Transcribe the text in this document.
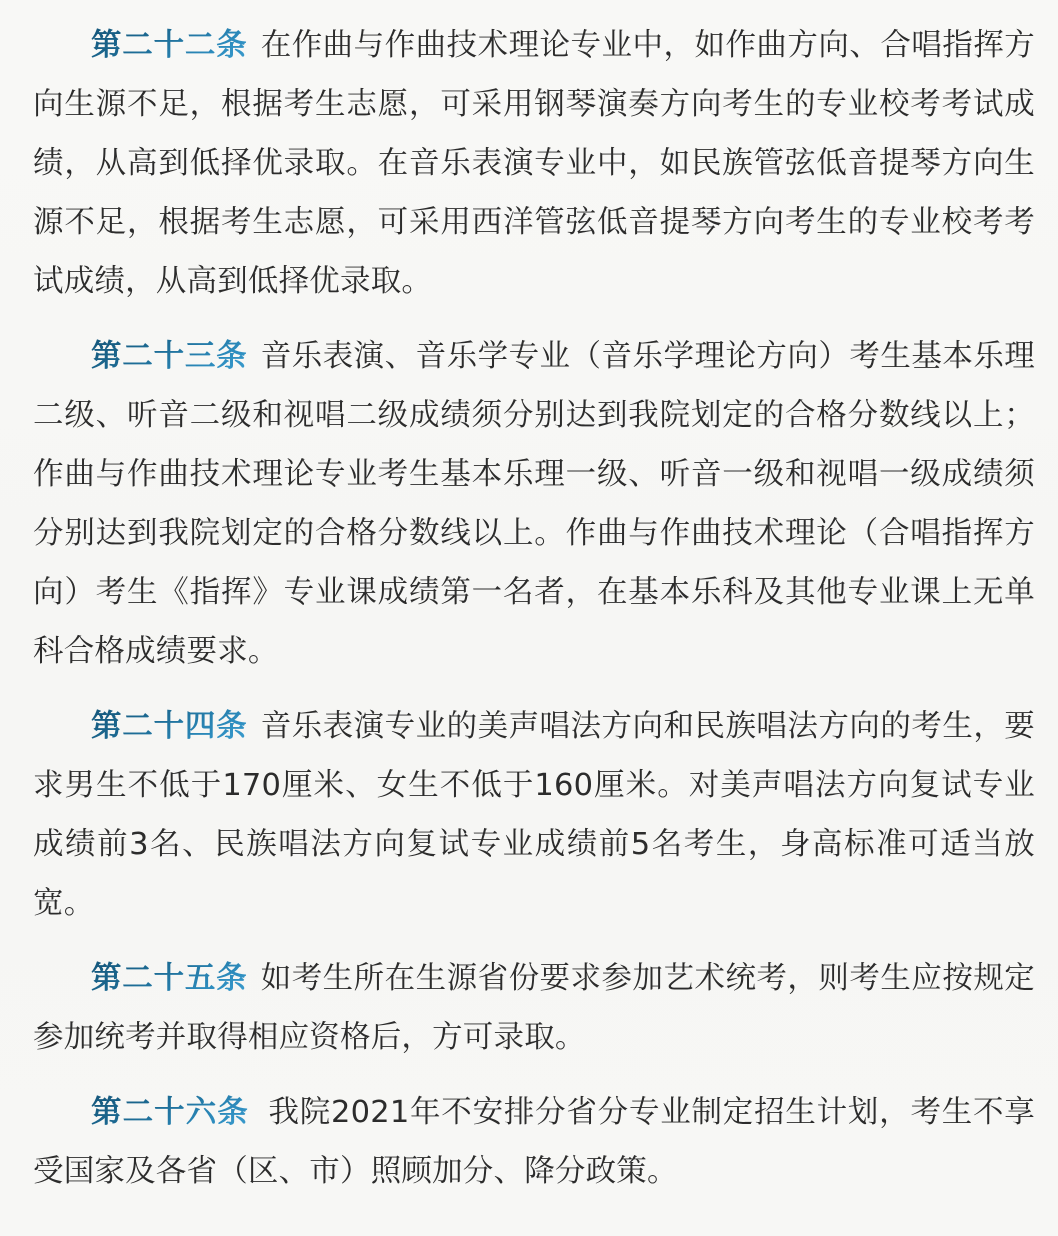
第二十二条 在作曲与作曲技术理论专业中，如作曲方向、合唱指挥方向生源不足，根据考生志愿，可采用钢琴演奏方向考生的专业校考考试成绩，从高到低择优录取。在音乐表演专业中，如民族管弦低音提琴方向生源不足，根据考生志愿，可采用西洋管弦低音提琴方向考生的专业校考考试成绩，从高到低择优录取。

第二十三条 音乐表演、音乐学专业（音乐学理论方向）考生基本乐理二级、听音二级和视唱二级成绩须分别达到我院划定的合格分数线以上；作曲与作曲技术理论专业考生基本乐理一级、听音一级和视唱一级成绩须分别达到我院划定的合格分数线以上。作曲与作曲技术理论（合唱指挥方向）考生《指挥》专业课成绩第一名者，在基本乐科及其他专业课上无单科合格成绩要求。

第二十四条 音乐表演专业的美声唱法方向和民族唱法方向的考生，要求男生不低于170厘米、女生不低于160厘米。对美声唱法方向复试专业成绩前3名、民族唱法方向复试专业成绩前5名考生，身高标准可适当放宽。

第二十五条 如考生所在生源省份要求参加艺术统考，则考生应按规定参加统考并取得相应资格后，方可录取。

第二十六条 我院2021年不安排分省分专业制定招生计划，考生不享受国家及各省（区、市）照顾加分、降分政策。
